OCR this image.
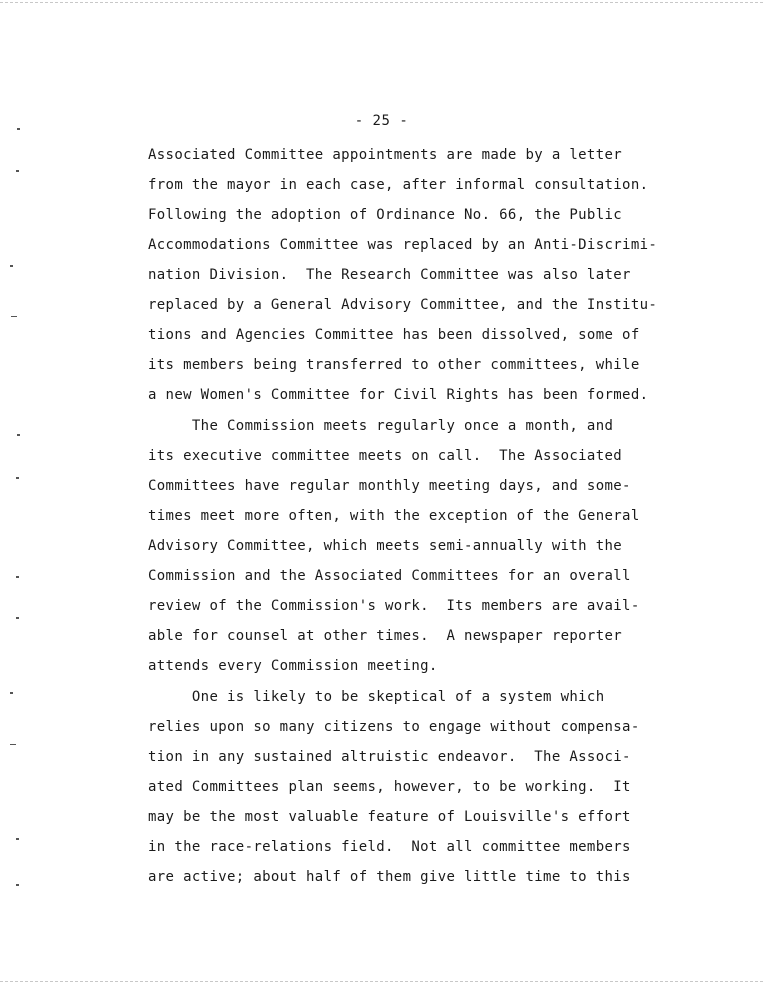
- 25 -
Associated Committee appointments are made by a letter
from the mayor in each case, after informal consultation.
Following the adoption of Ordinance No. 66, the Public
Accommodations Committee was replaced by an Anti-Discrimi-
nation Division.  The Research Committee was also later
replaced by a General Advisory Committee, and the Institu-
tions and Agencies Committee has been dissolved, some of
its members being transferred to other committees, while
a new Women's Committee for Civil Rights has been formed.
The Commission meets regularly once a month, and
its executive committee meets on call.  The Associated
Committees have regular monthly meeting days, and some-
times meet more often, with the exception of the General
Advisory Committee, which meets semi-annually with the
Commission and the Associated Committees for an overall
review of the Commission's work.  Its members are avail-
able for counsel at other times.  A newspaper reporter
attends every Commission meeting.
One is likely to be skeptical of a system which
relies upon so many citizens to engage without compensa-
tion in any sustained altruistic endeavor.  The Associ-
ated Committees plan seems, however, to be working.  It
may be the most valuable feature of Louisville's effort
in the race-relations field.  Not all committee members
are active; about half of them give little time to this
